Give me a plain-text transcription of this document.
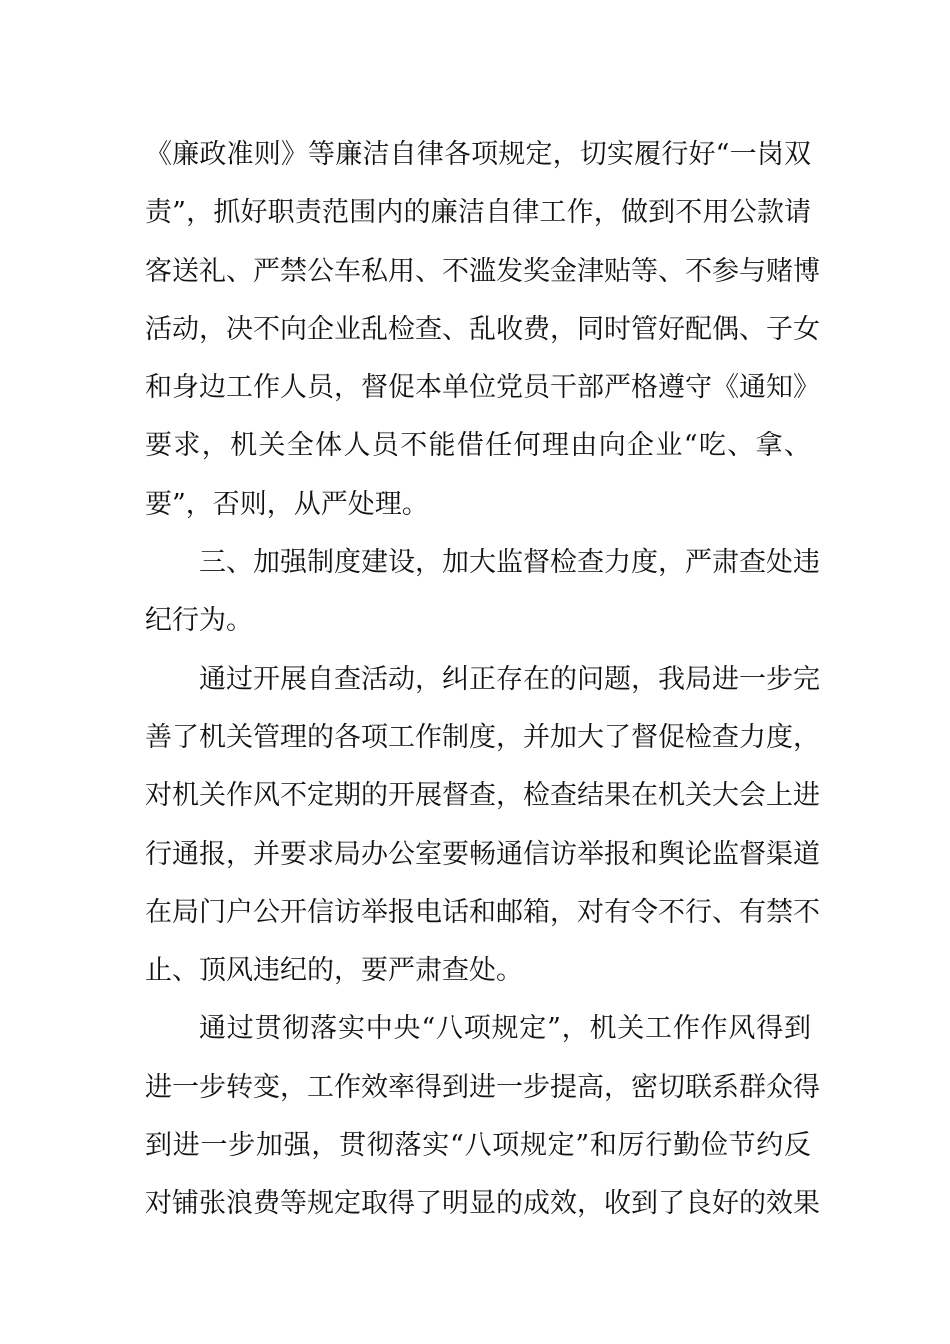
《廉政准则》等廉洁自律各项规定，切实履行好“一岗双
责”，抓好职责范围内的廉洁自律工作，做到不用公款请
客送礼、严禁公车私用、不滥发奖金津贴等、不参与赌博
活动，决不向企业乱检查、乱收费，同时管好配偶、子女
和身边工作人员，督促本单位党员干部严格遵守《通知》
要求，机关全体人员不能借任何理由向企业“吃、拿、
要”，否则，从严处理。
三、加强制度建设，加大监督检查力度，严肃查处违
纪行为。
通过开展自查活动，纠正存在的问题，我局进一步完
善了机关管理的各项工作制度，并加大了督促检查力度，
对机关作风不定期的开展督查，检查结果在机关大会上进
行通报，并要求局办公室要畅通信访举报和舆论监督渠道
在局门户公开信访举报电话和邮箱，对有令不行、有禁不
止、顶风违纪的，要严肃查处。
通过贯彻落实中央“八项规定”，机关工作作风得到
进一步转变，工作效率得到进一步提高，密切联系群众得
到进一步加强，贯彻落实“八项规定”和厉行勤俭节约反
对铺张浪费等规定取得了明显的成效，收到了良好的效果
